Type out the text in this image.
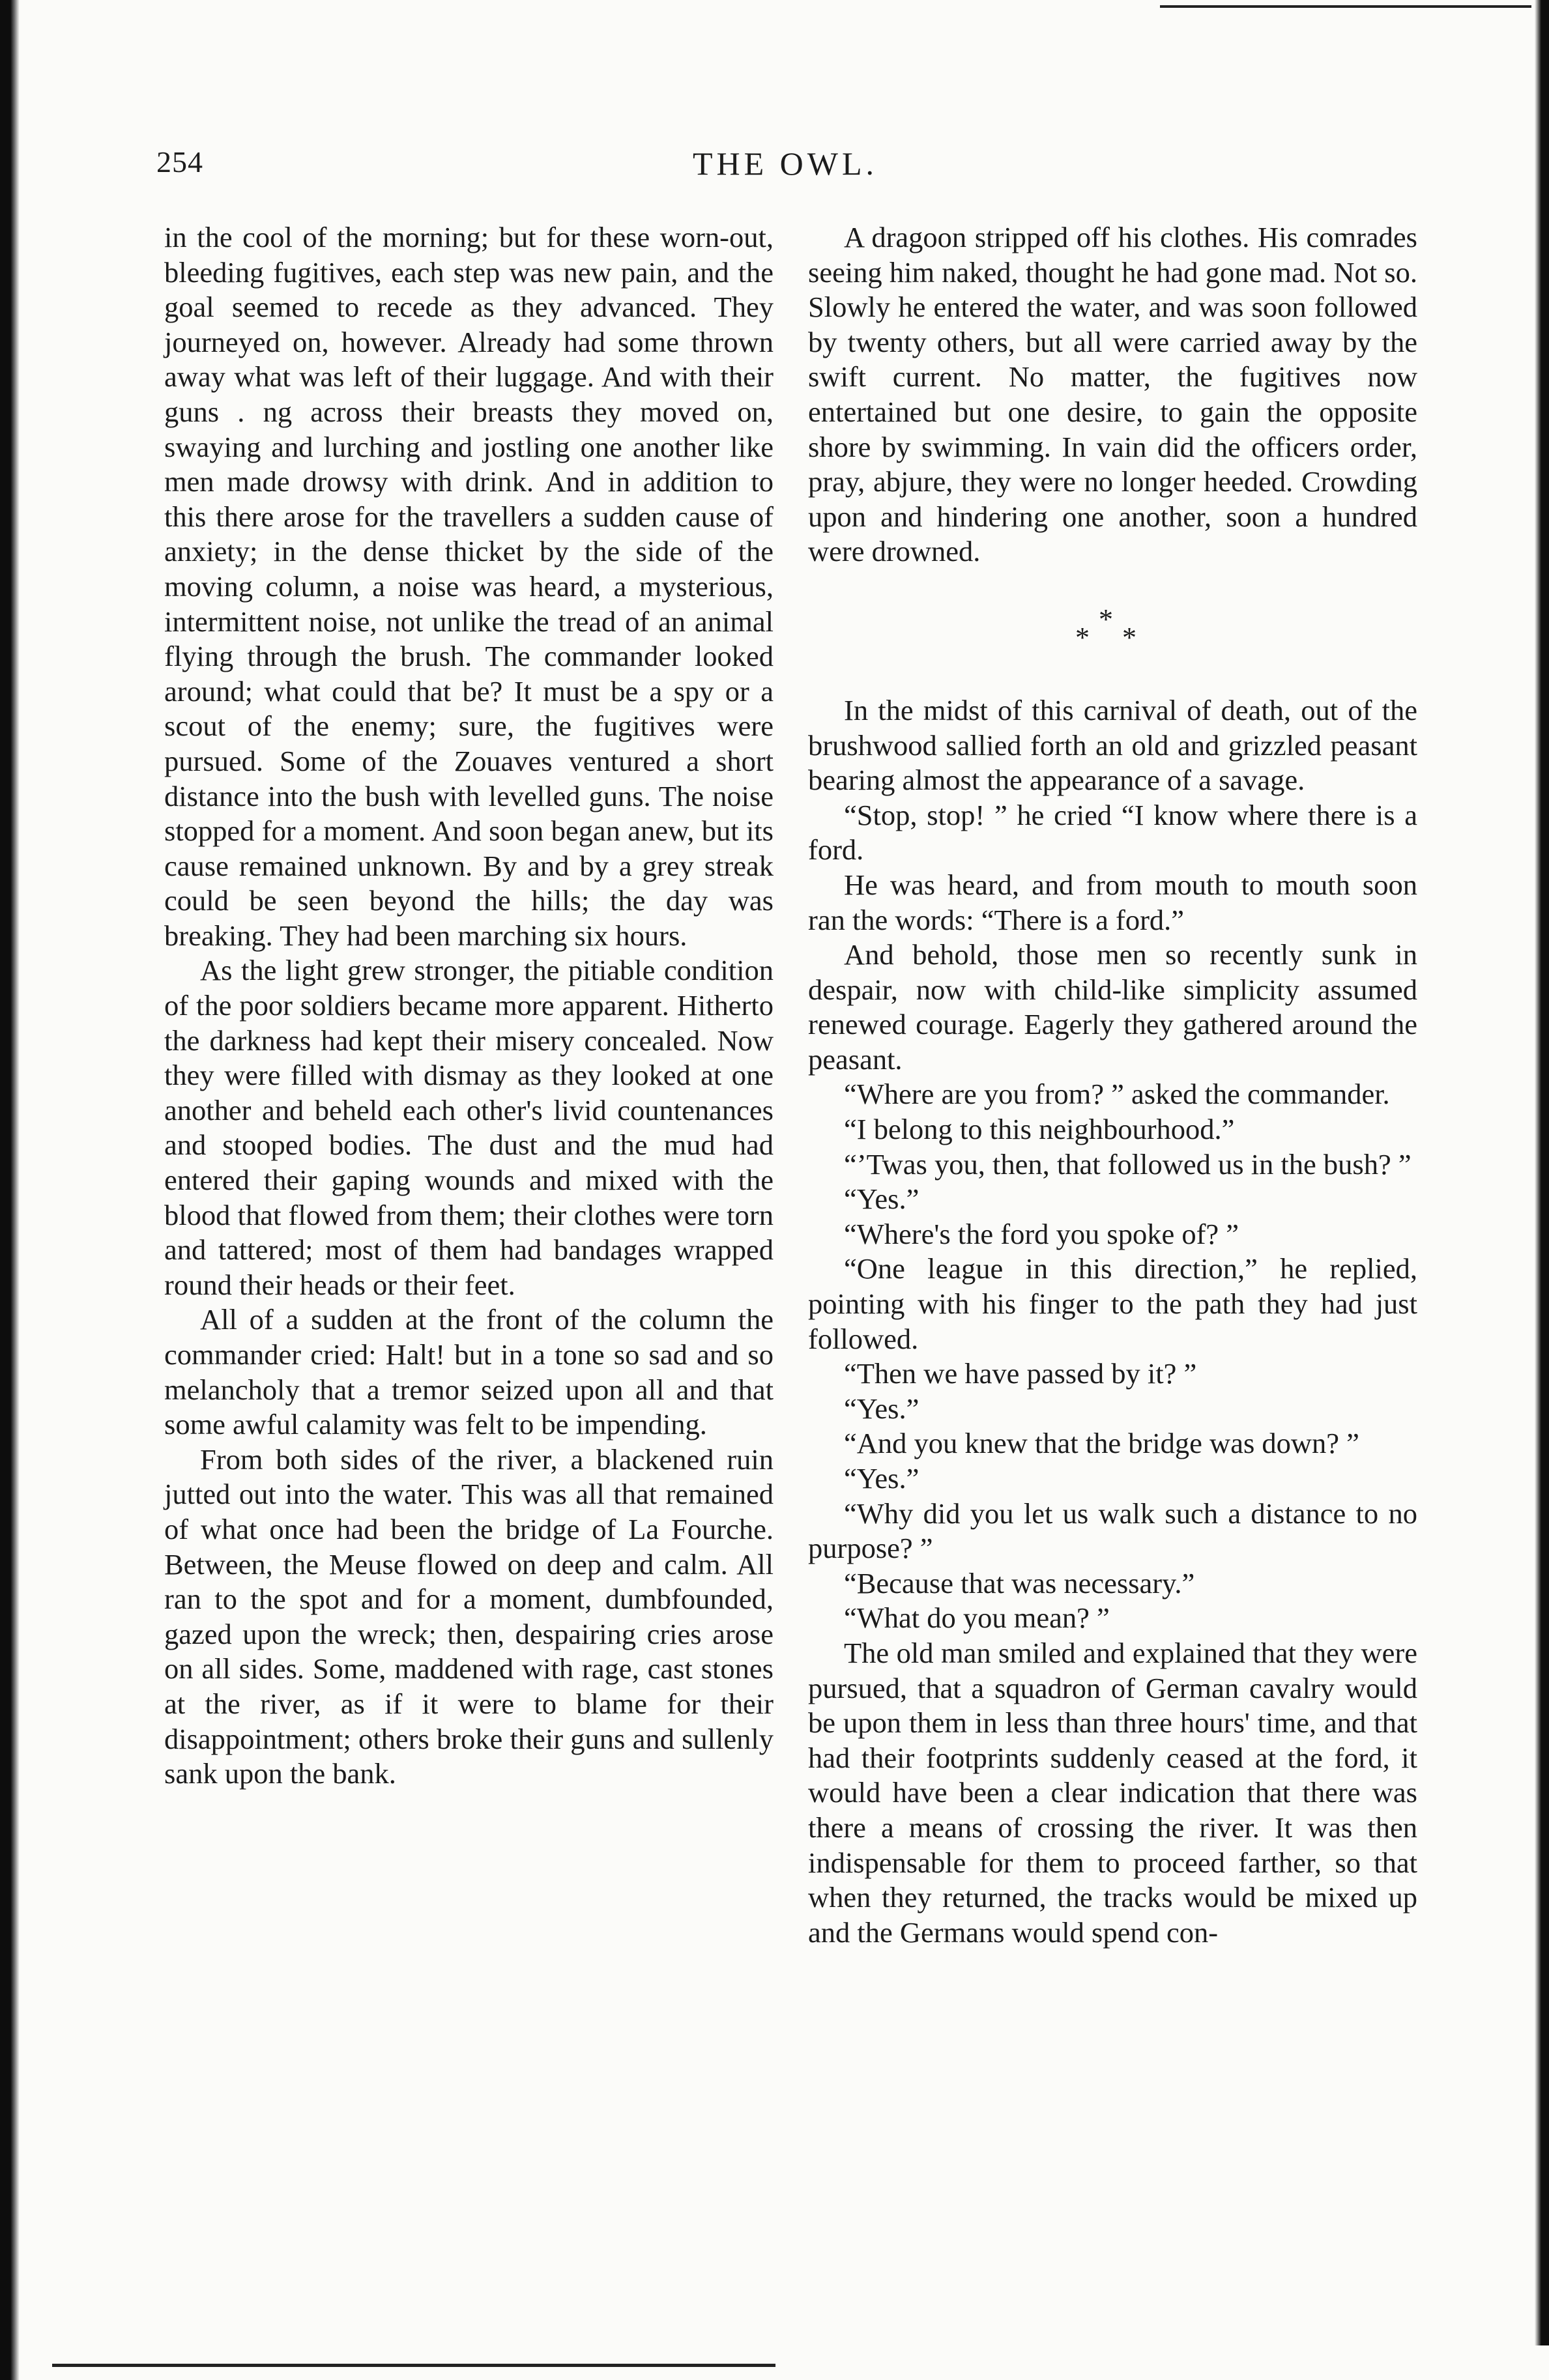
254	THE OWL.

in the cool of the morning; but for these worn-out, bleeding fugitives, each step was new pain, and the goal seemed to recede as they advanced. They journeyed on, however. Already had some thrown away what was left of their luggage. And with their guns . ng across their breasts they moved on, swaying and lurching and jostling one another like men made drowsy with drink. And in addition to this there arose for the travellers a sudden cause of anxiety; in the dense thicket by the side of the moving column, a noise was heard, a mysterious, intermittent noise, not unlike the tread of an animal flying through the brush. The commander looked around; what could that be? It must be a spy or a scout of the enemy; sure, the fugitives were pursued. Some of the Zouaves ventured a short distance into the bush with levelled guns. The noise stopped for a moment. And soon began anew, but its cause remained unknown. By and by a grey streak could be seen beyond the hills; the day was breaking. They had been marching six hours.

As the light grew stronger, the pitiable condition of the poor soldiers became more apparent. Hitherto the darkness had kept their misery concealed. Now they were filled with dismay as they looked at one another and beheld each other's livid countenances and stooped bodies. The dust and the mud had entered their gaping wounds and mixed with the blood that flowed from them; their clothes were torn and tattered; most of them had bandages wrapped round their heads or their feet.

All of a sudden at the front of the column the commander cried: Halt! but in a tone so sad and so melancholy that a tremor seized upon all and that some awful calamity was felt to be impending.

From both sides of the river, a blackened ruin jutted out into the water. This was all that remained of what once had been the bridge of La Fourche. Between, the Meuse flowed on deep and calm. All ran to the spot and for a moment, dumbfounded, gazed upon the wreck; then, despairing cries arose on all sides. Some, maddened with rage, cast stones at the river, as if it were to blame for their disappointment; others broke their guns and sullenly sank upon the bank.

A dragoon stripped off his clothes. His comrades seeing him naked, thought he had gone mad. Not so. Slowly he entered the water, and was soon followed by twenty others, but all were carried away by the swift current. No matter, the fugitives now entertained but one desire, to gain the opposite shore by swimming. In vain did the officers order, pray, abjure, they were no longer heeded. Crowding upon and hindering one another, soon a hundred were drowned.

*
*
*

In the midst of this carnival of death, out of the brushwood sallied forth an old and grizzled peasant bearing almost the appearance of a savage.

“Stop, stop! ” he cried “I know where there is a ford.

He was heard, and from mouth to mouth soon ran the words: “There is a ford.”

And behold, those men so recently sunk in despair, now with child-like simplicity assumed renewed courage. Eagerly they gathered around the peasant.

“Where are you from? ” asked the commander.

“I belong to this neighbourhood.”

“’Twas you, then, that followed us in the bush? ”

“Yes.”

“Where's the ford you spoke of? ”

“One league in this direction,” he replied, pointing with his finger to the path they had just followed.

“Then we have passed by it? ”

“Yes.”

“And you knew that the bridge was down? ”

“Yes.”

“Why did you let us walk such a distance to no purpose? ”

“Because that was necessary.”

“What do you mean? ”

The old man smiled and explained that they were pursued, that a squadron of German cavalry would be upon them in less than three hours' time, and that had their footprints suddenly ceased at the ford, it would have been a clear indication that there was there a means of crossing the river. It was then indispensable for them to proceed farther, so that when they returned, the tracks would be mixed up and the Germans would spend con-
